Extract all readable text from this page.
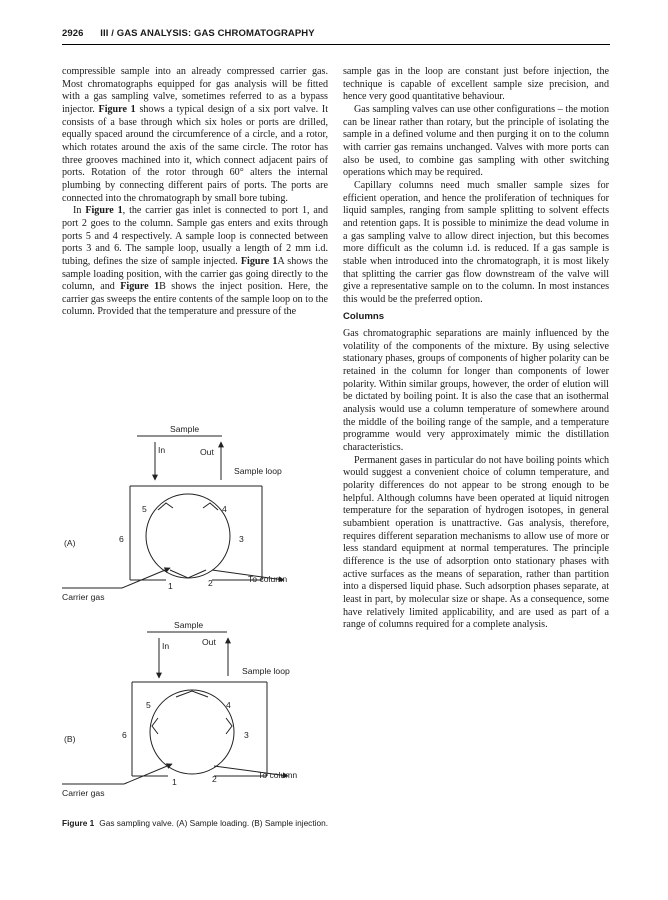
2926 III / GAS ANALYSIS: GAS CHROMATOGRAPHY

compressible sample into an already compressed carrier gas. Most chromatographs equipped for gas analysis will be fitted with a gas sampling valve, sometimes referred to as a bypass injector. Figure 1 shows a typical design of a six port valve. It consists of a base through which six holes or ports are drilled, equally spaced around the circumference of a circle, and a rotor, which rotates around the axis of the same circle. The rotor has three grooves machined into it, which connect adjacent pairs of ports. Rotation of the rotor through 60° alters the internal plumbing by connecting different pairs of ports. The ports are connected into the chromatograph by small bore tubing.

In Figure 1, the carrier gas inlet is connected to port 1, and port 2 goes to the column. Sample gas enters and exits through ports 5 and 4 respectively. A sample loop is connected between ports 3 and 6. The sample loop, usually a length of 2 mm i.d. tubing, defines the size of sample injected. Figure 1A shows the sample loading position, with the carrier gas going directly to the column, and Figure 1B shows the inject position. Here, the carrier gas sweeps the entire contents of the sample loop on to the column. Provided that the temperature and pressure of the

sample gas in the loop are constant just before injection, the technique is capable of excellent sample size precision, and hence very good quantitative behaviour.

Gas sampling valves can use other configurations – the motion can be linear rather than rotary, but the principle of isolating the sample in a defined volume and then purging it on to the column with carrier gas remains unchanged. Valves with more ports can also be used, to combine gas sampling with other switching operations which may be required.

Capillary columns need much smaller sample sizes for efficient operation, and hence the proliferation of techniques for liquid samples, ranging from sample splitting to solvent effects and retention gaps. It is possible to minimize the dead volume in a gas sampling valve to allow direct injection, but this becomes more difficult as the column i.d. is reduced. If a gas sample is stable when introduced into the chromatograph, it is most likely that splitting the carrier gas flow downstream of the valve will give a representative sample on to the column. In most instances this would be the preferred option.

Columns

Gas chromatographic separations are mainly influenced by the volatility of the components of the mixture. By using selective stationary phases, groups of components of higher polarity can be retained in the column for longer than components of lower polarity. Within similar groups, however, the order of elution will be dictated by boiling point. It is also the case that an isothermal analysis would use a column temperature of somewhere around the middle of the boiling range of the sample, and a temperature programme would very approximately mimic the distillation characteristics.

Permanent gases in particular do not have boiling points which would suggest a convenient choice of column temperature, and polarity differences do not appear to be strong enough to be helpful. Although columns have been operated at liquid nitrogen temperature for the separation of hydrogen isotopes, in general subambient operation is unattractive. Gas analysis, therefore, requires different separation mechanisms to allow use of more or less standard equipment at normal temperatures. The principle difference is the use of adsorption onto stationary phases with active surfaces as the means of separation, rather than partition into a dispersed liquid phase. Such adsorption phases separate, at least in part, by molecular size or shape. As a consequence, some have relatively limited applicability, and are used as part of a range of columns required for a complete analysis.

Sample
In	Out
Sample loop
5	4
6	3
1	2
(A)
To column
Carrier gas
Sample
In	Out
Sample loop
5	4
6	3
1	2
(B)
To column
Carrier gas
Figure 1 Gas sampling valve. (A) Sample loading. (B) Sample injection.
